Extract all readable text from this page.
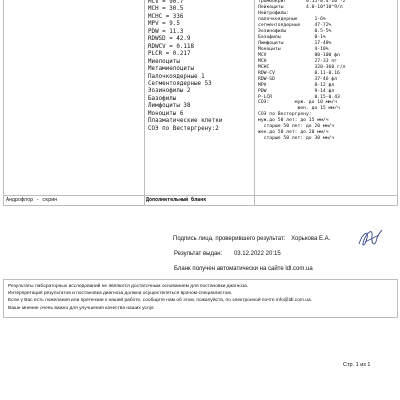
MCV = 90.7
MCH = 30.5
MCHC = 336
MPV = 9.5
PDW = 11.3
RDWSD = 42.9
RDWCV = 0.118
PLCR = 0.217
Миелоциты
Метамиелоциты
Палочкоядерные 1
Сегментоядерные 53
Эозинофилы 2
Базофилы
Лимфоциты 38
Моноциты 6
Плазматические клетки
СОЭ по Вестергрену:2
Тромбокрит       0.15-0.4*10^-2
Лейкоциты        4.0-10*10^9/л
Нейтрофилы:
палочкоядерные      1-6%
сегментоядерные     47-72%
Эозинофилы          0.5-5%
Базофилы            0-1%
Лимфоциты           17-48%
Моноциты            4-10%
MCV                 80-100 фл
MCH                 27-33 пг
MCHC                320-360 г/л
RDW-CV              0.11-0.16
RDW-SD              37-46 фл
MPV                 8-12 фл
PDW                 9-14 фл
P-LCR               0.15-0.43
СОЭ:         муж. до 10 мм/ч
жен. до 15 мм/ч
СОЭ по Вестергрену:
муж.до 50 лет: до 15 мм/ч
старше 50 лет: до 20 мм/ч
жен.до 50 лет: до 20 мм/ч
старше 50 лет: до 30 мм/ч
Андрофлор - скрин	Дополнительный бланк
Подпись лица, проверившего результат: Хорькова Е.А.
Результат выдан: 03.12.2022 20:15
Бланк получен автоматически на сайте ldl.com.ua
Результаты лабораторных исследований не являются достаточным основанием для постановки диагноза.
Интерпретация результатов и постановка диагноза должна осуществляться врачом-специалистом.
Если у Вас есть пожелания или претензии к нашей работе, сообщите нам об этом, пожалуйста, по электронной почте info@ldl.com.ua.
Ваше мнение очень важно для улучшения качества наших услуг.
Стр. 1 из 1
